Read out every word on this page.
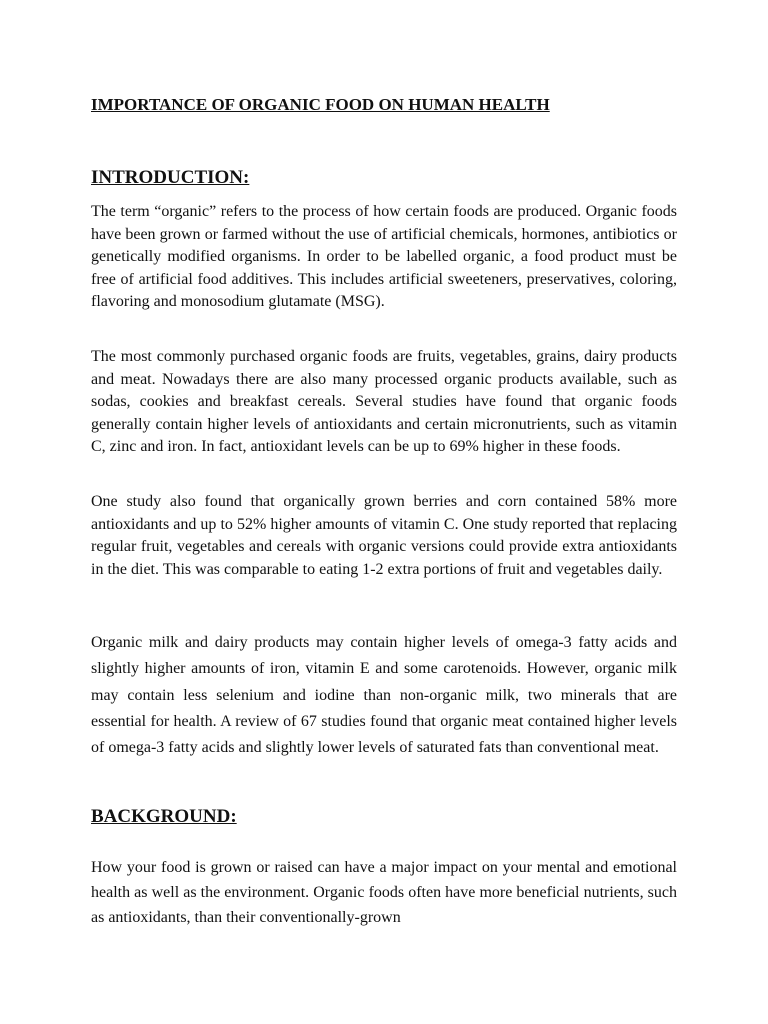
IMPORTANCE OF ORGANIC FOOD ON HUMAN HEALTH
INTRODUCTION:

The term “organic” refers to the process of how certain foods are produced. Organic foods have been grown or farmed without the use of artificial chemicals, hormones, antibiotics or genetically modified organisms. In order to be labelled organic, a food product must be free of artificial food additives. This includes artificial sweeteners, preservatives, coloring, flavoring and monosodium glutamate (MSG).

The most commonly purchased organic foods are fruits, vegetables, grains, dairy products and meat. Nowadays there are also many processed organic products available, such as sodas, cookies and breakfast cereals. Several studies have found that organic foods generally contain higher levels of antioxidants and certain micronutrients, such as vitamin C, zinc and iron. In fact, antioxidant levels can be up to 69% higher in these foods.

One study also found that organically grown berries and corn contained 58% more antioxidants and up to 52% higher amounts of vitamin C. One study reported that replacing regular fruit, vegetables and cereals with organic versions could provide extra antioxidants in the diet. This was comparable to eating 1-2 extra portions of fruit and vegetables daily.

Organic milk and dairy products may contain higher levels of omega-3 fatty acids and slightly higher amounts of iron, vitamin E and some carotenoids. However, organic milk may contain less selenium and iodine than non-organic milk, two minerals that are essential for health. A review of 67 studies found that organic meat contained higher levels of omega-3 fatty acids and slightly lower levels of saturated fats than conventional meat.

BACKGROUND:

How your food is grown or raised can have a major impact on your mental and emotional health as well as the environment. Organic foods often have more beneficial nutrients, such as antioxidants, than their conventionally-grown
